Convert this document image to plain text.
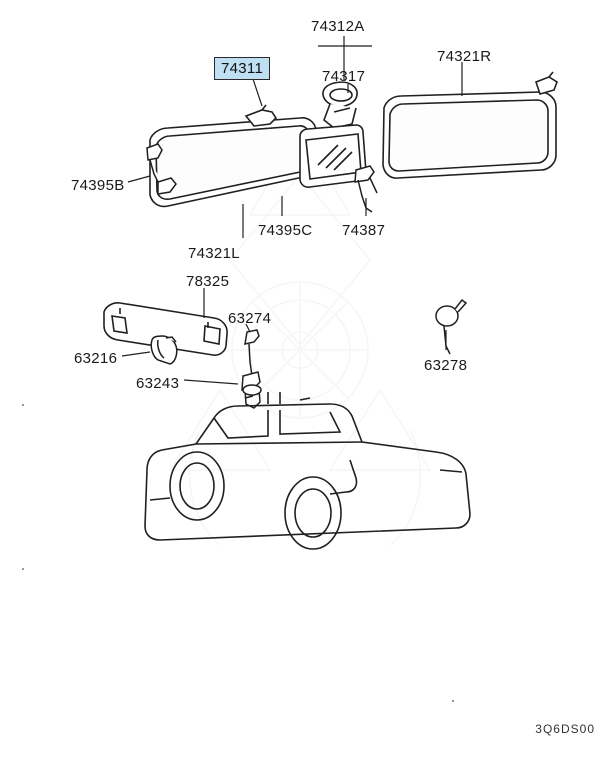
74311
74312A
74317
74321R
74395B
74395C 74387
74321L
78325
63274
63216
63243
63278
3Q6DS00
